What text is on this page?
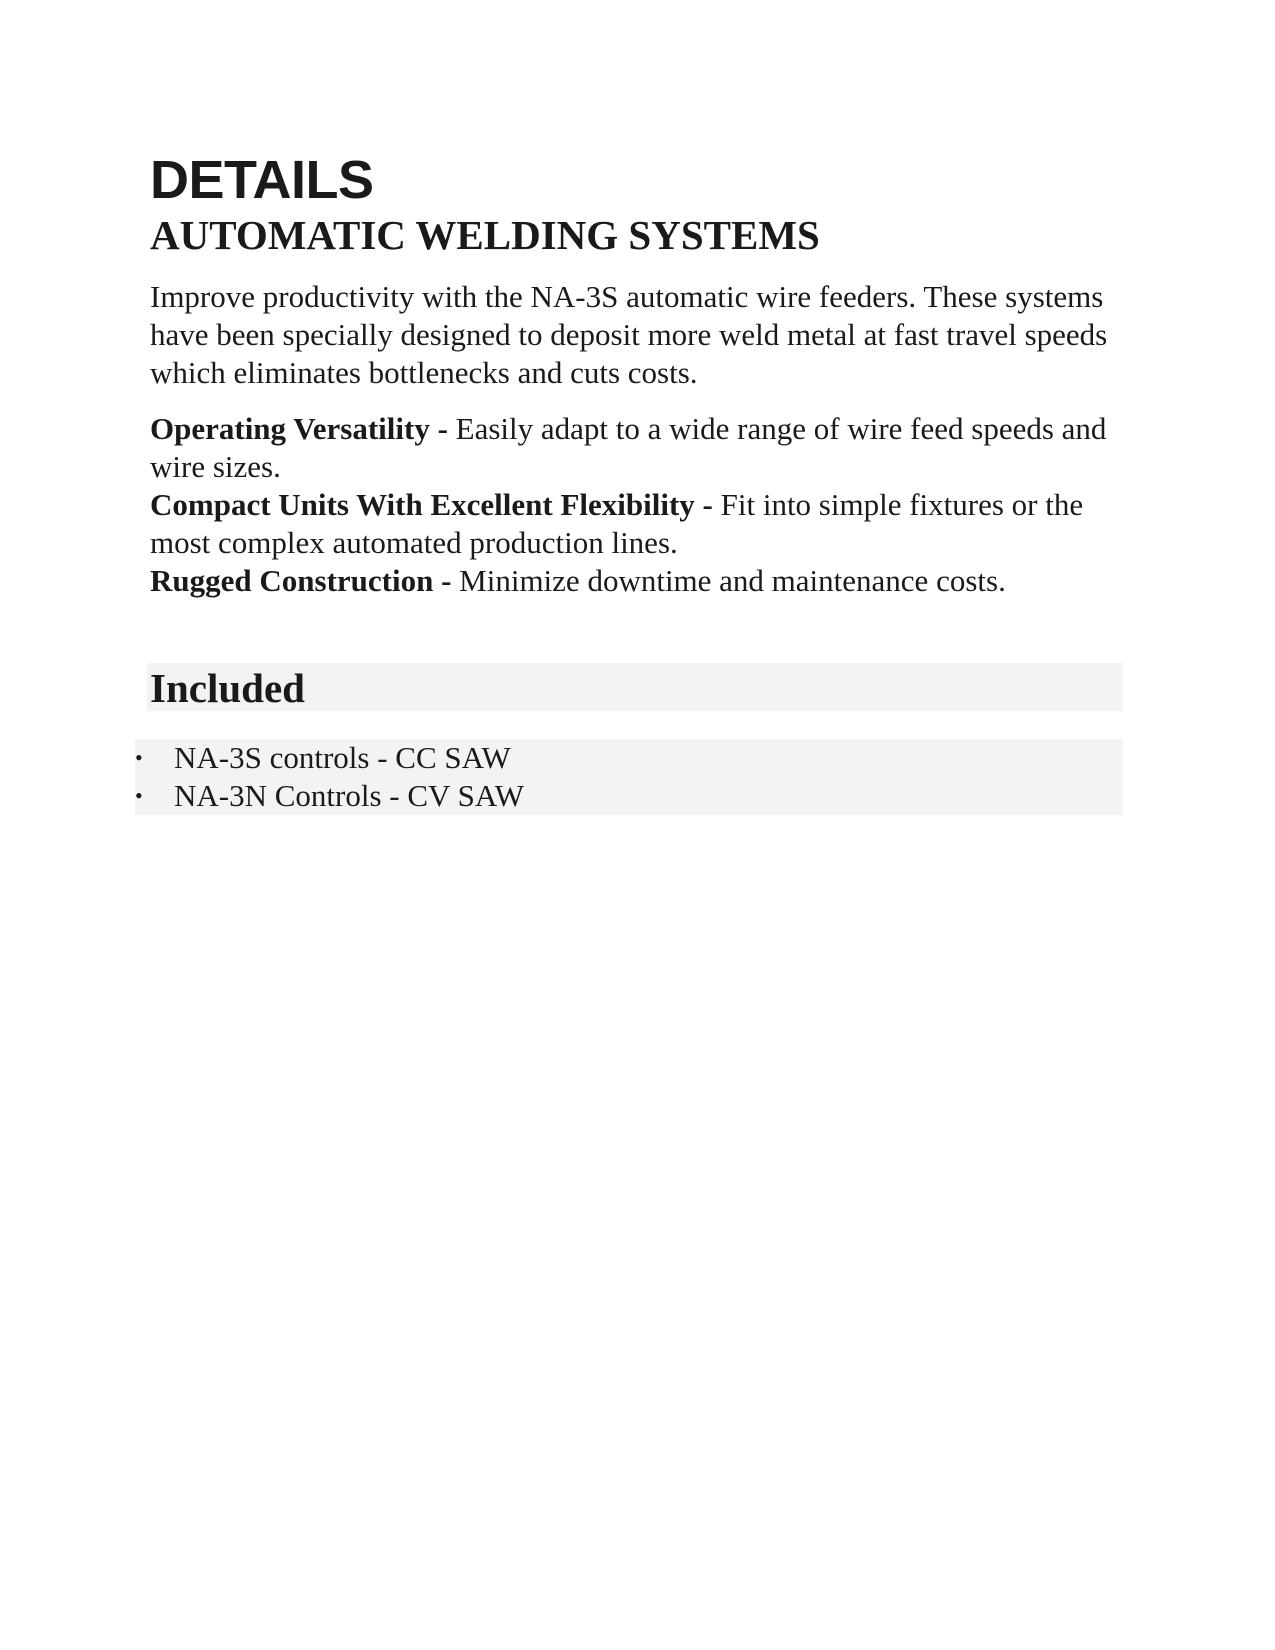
DETAILS
AUTOMATIC WELDING SYSTEMS

Improve productivity with the NA-3S automatic wire feeders. These systems have been specially designed to deposit more weld metal at fast travel speeds which eliminates bottlenecks and cuts costs.

Operating Versatility - Easily adapt to a wide range of wire feed speeds and wire sizes.
Compact Units With Excellent Flexibility - Fit into simple fixtures or the most complex automated production lines.
Rugged Construction - Minimize downtime and maintenance costs.

Included
•	NA-3S controls - CC SAW
•	NA-3N Controls - CV SAW
